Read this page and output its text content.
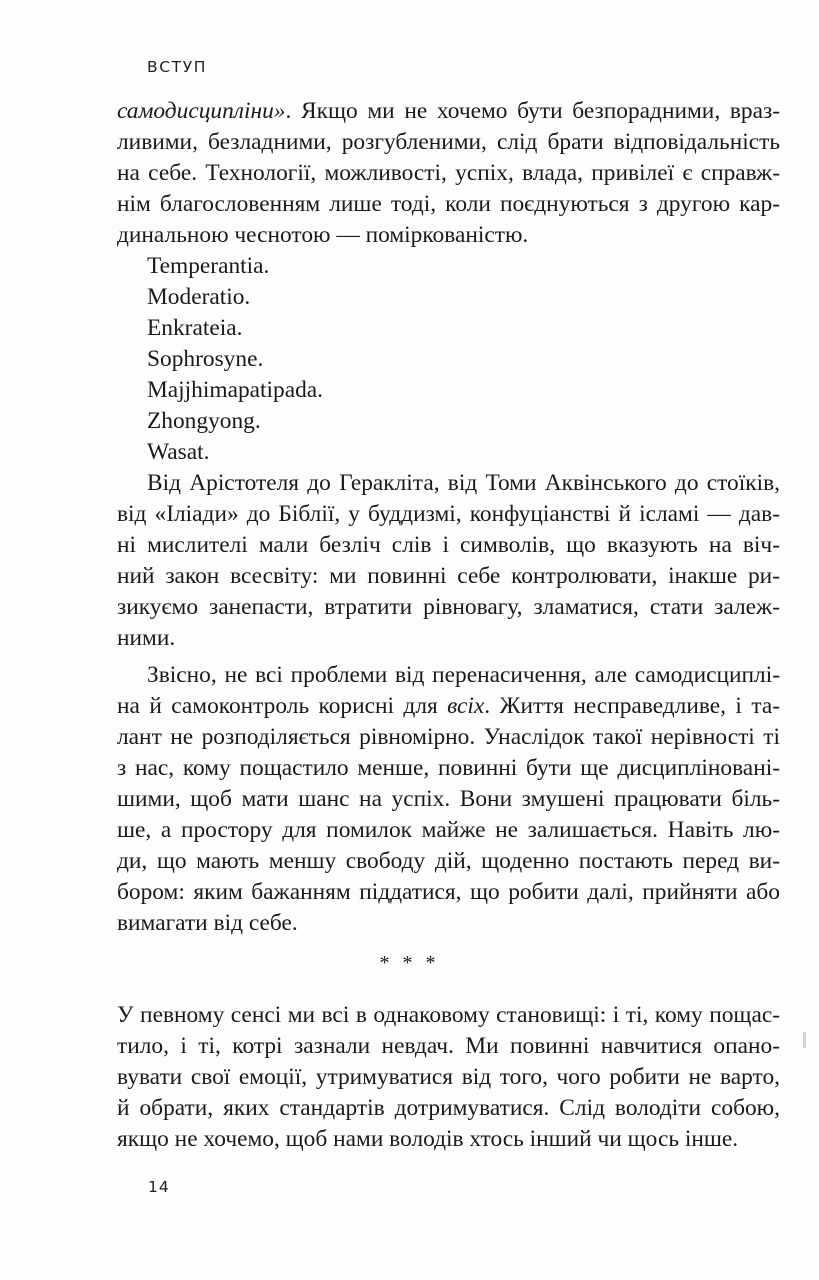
ВСТУП
самодисципліни». Якщо ми не хочемо бути безпорадними, враз-
ливими, безладними, розгубленими, слід брати відповідальність
на себе. Технології, можливості, успіх, влада, привілеї є справж-
нім благословенням лише тоді, коли поєднуються з другою кар-
динальною чеснотою — поміркованістю.
Temperantia.
Moderatio.
Enkrateia.
Sophrosyne.
Majjhimapatipada.
Zhongyong.
Wasat.
Від Арістотеля до Геракліта, від Томи Аквінського до стоїків,
від «Іліади» до Біблії, у буддизмі, конфуціанстві й ісламі — дав-
ні мислителі мали безліч слів і символів, що вказують на віч-
ний закон всесвіту: ми повинні себе контролювати, інакше ри-
зикуємо занепасти, втратити рівновагу, зламатися, стати залеж-
ними.
Звісно, не всі проблеми від перенасичення, але самодисциплі-
на й самоконтроль корисні для всіх. Життя несправедливе, і та-
лант не розподіляється рівномірно. Унаслідок такої нерівності ті
з нас, кому пощастило менше, повинні бути ще дисципліновані-
шими, щоб мати шанс на успіх. Вони змушені працювати біль-
ше, а простору для помилок майже не залишається. Навіть лю-
ди, що мають меншу свободу дій, щоденно постають перед ви-
бором: яким бажанням піддатися, що робити далі, прийняти або
вимагати від себе.
* * *
У певному сенсі ми всі в однаковому становищі: і ті, кому пощас-
тило, і ті, котрі зазнали невдач. Ми повинні навчитися опано-
вувати свої емоції, утримуватися від того, чого робити не варто,
й обрати, яких стандартів дотримуватися. Слід володіти собою,
якщо не хочемо, щоб нами володів хтось інший чи щось інше.
14
